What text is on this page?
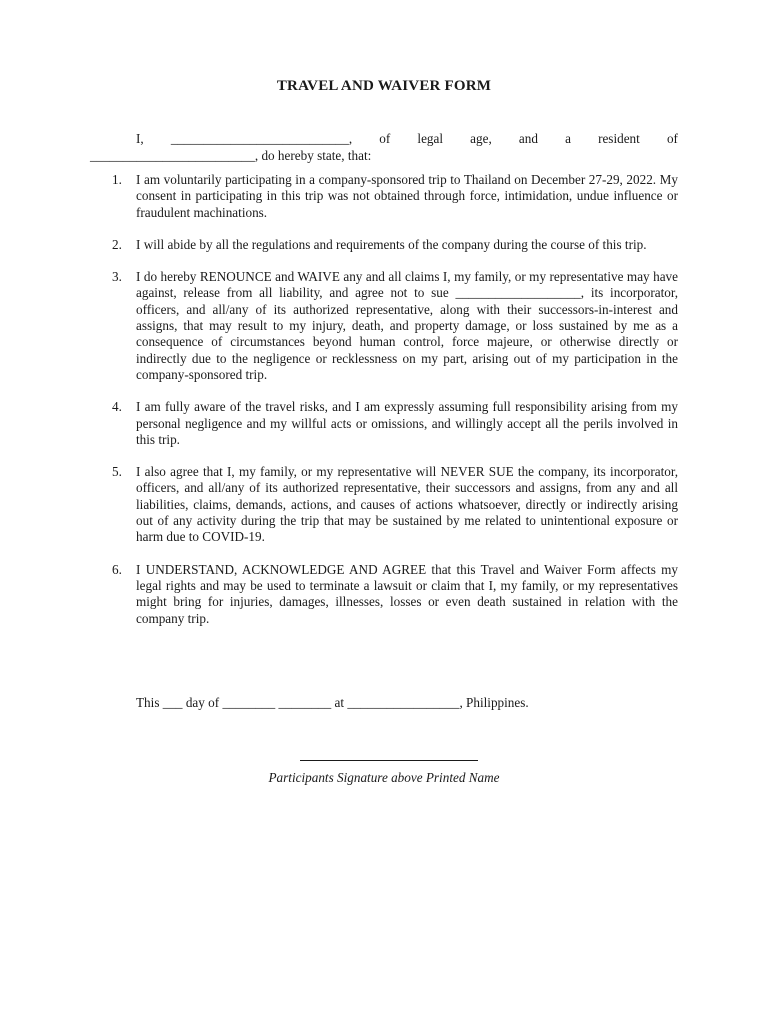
TRAVEL AND WAIVER FORM
I, ___________________________, of legal age, and a resident of
_________________________, do hereby state, that:
1. I am voluntarily participating in a company-sponsored trip to Thailand on December 27-29, 2022. My consent in participating in this trip was not obtained through force, intimidation, undue influence or fraudulent machinations.
2. I will abide by all the regulations and requirements of the company during the course of this trip.
3. I do hereby RENOUNCE and WAIVE any and all claims I, my family, or my representative may have against, release from all liability, and agree not to sue ___________________, its incorporator, officers, and all/any of its authorized representative, along with their successors-in-interest and assigns, that may result to my injury, death, and property damage, or loss sustained by me as a consequence of circumstances beyond human control, force majeure, or otherwise directly or indirectly due to the negligence or recklessness on my part, arising out of my participation in the company-sponsored trip.
4. I am fully aware of the travel risks, and I am expressly assuming full responsibility arising from my personal negligence and my willful acts or omissions, and willingly accept all the perils involved in this trip.
5. I also agree that I, my family, or my representative will NEVER SUE the company, its incorporator, officers, and all/any of its authorized representative, their successors and assigns, from any and all liabilities, claims, demands, actions, and causes of actions whatsoever, directly or indirectly arising out of any activity during the trip that may be sustained by me related to unintentional exposure or harm due to COVID-19.
6. I UNDERSTAND, ACKNOWLEDGE AND AGREE that this Travel and Waiver Form affects my legal rights and may be used to terminate a lawsuit or claim that I, my family, or my representatives might bring for injuries, damages, illnesses, losses or even death sustained in relation with the company trip.
This ___ day of ________ ________ at _________________, Philippines.
Participants Signature above Printed Name
